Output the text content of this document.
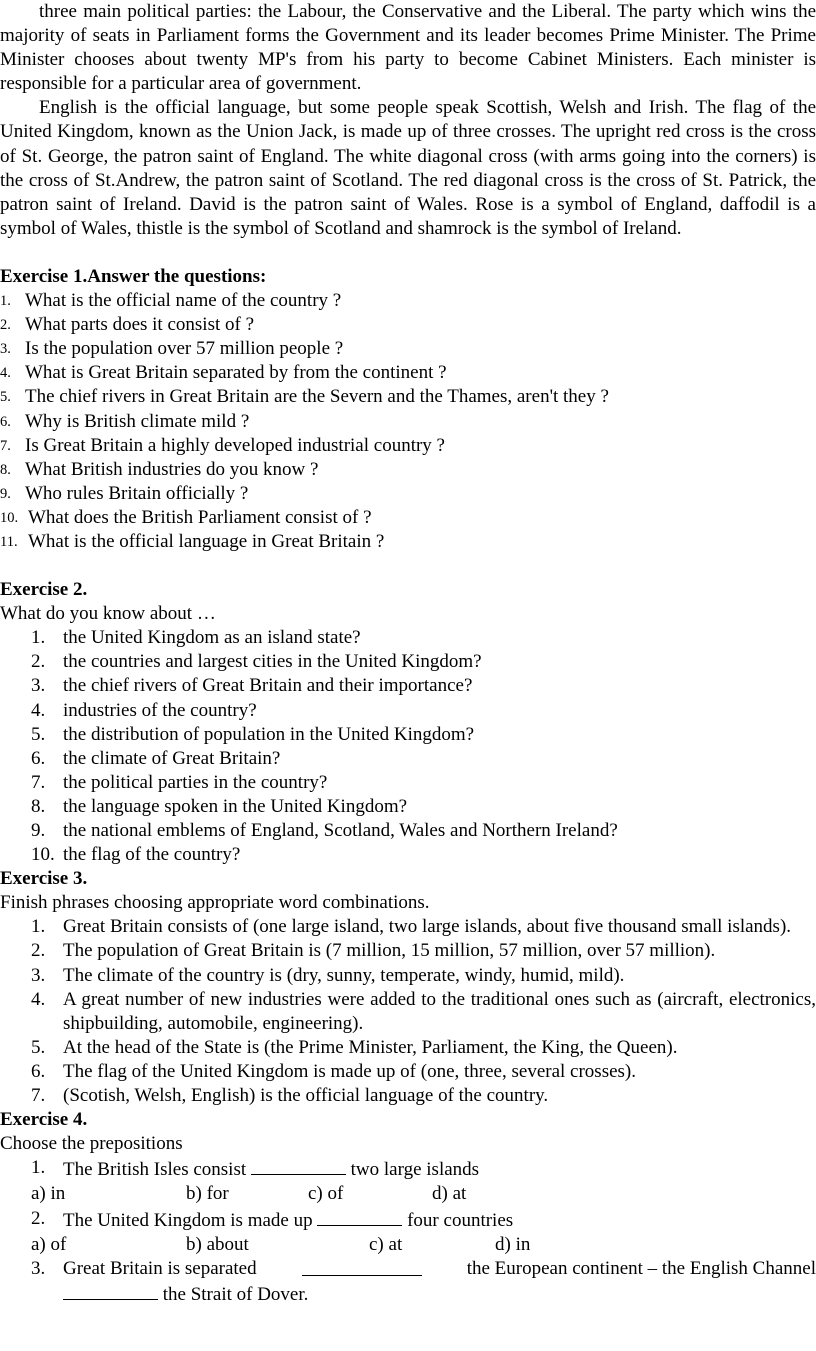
three main political parties: the Labour, the Conservative and the Liberal. The party which wins the majority of seats in Parliament forms the Government and its leader becomes Prime Minister. The Prime Minister chooses about twenty MP's from his party to become Cabinet Ministers. Each minister is responsible for a particular area of government.

English is the official language, but some people speak Scottish, Welsh and Irish. The flag of the United Kingdom, known as the Union Jack, is made up of three crosses. The upright red cross is the cross of St. George, the patron saint of England. The white diagonal cross (with arms going into the corners) is the cross of St.Andrew, the patron saint of Scotland. The red diagonal cross is the cross of St. Patrick, the patron saint of Ireland. David is the patron saint of Wales. Rose is a symbol of England, daffodil is a symbol of Wales, thistle is the symbol of Scotland and shamrock is the symbol of Ireland.

Exercise 1.Answer the questions:
1. What is the official name of the country ?
2. What parts does it consist of ?
3. Is the population over 57 million people ?
4. What is Great Britain separated by from the continent ?
5. The chief rivers in Great Britain are the Severn and the Thames, aren't they ?
6. Why is British climate mild ?
7. Is Great Britain a highly developed industrial country ?
8. What British industries do you know ?
9. Who rules Britain officially ?
10. What does the British Parliament consist of ?
11. What is the official language in Great Britain ?
Exercise 2.
What do you know about …
1. the United Kingdom as an island state?
2. the countries and largest cities in the United Kingdom?
3. the chief rivers of Great Britain and their importance?
4. industries of the country?
5. the distribution of population in the United Kingdom?
6. the climate of Great Britain?
7. the political parties in the country?
8. the language spoken in the United Kingdom?
9. the national emblems of England, Scotland, Wales and Northern Ireland?
10. the flag of the country?
Exercise 3.
Finish phrases choosing appropriate word combinations.
1. Great Britain consists of (one large island, two large islands, about five thousand small islands).
2. The population of Great Britain is (7 million, 15 million, 57 million, over 57 million).
3. The climate of the country is (dry, sunny, temperate, windy, humid, mild).
4. A great number of new industries were added to the traditional ones such as (aircraft, electronics, shipbuilding, automobile, engineering).
5. At the head of the State is (the Prime Minister, Parliament, the King, the Queen).
6. The flag of the United Kingdom is made up of (one, three, several crosses).
7. (Scotish, Welsh, English) is the official language of the country.
Exercise 4.
Choose the prepositions
1. The British Isles consist	two large islands
a) in	b) for	c) of	d) at
2. The United Kingdom is made up	four countries
a) of	b) about	c) at	d) in
3. Great Britain is separated	the European continent – the English Channel
the Strait of Dover.
